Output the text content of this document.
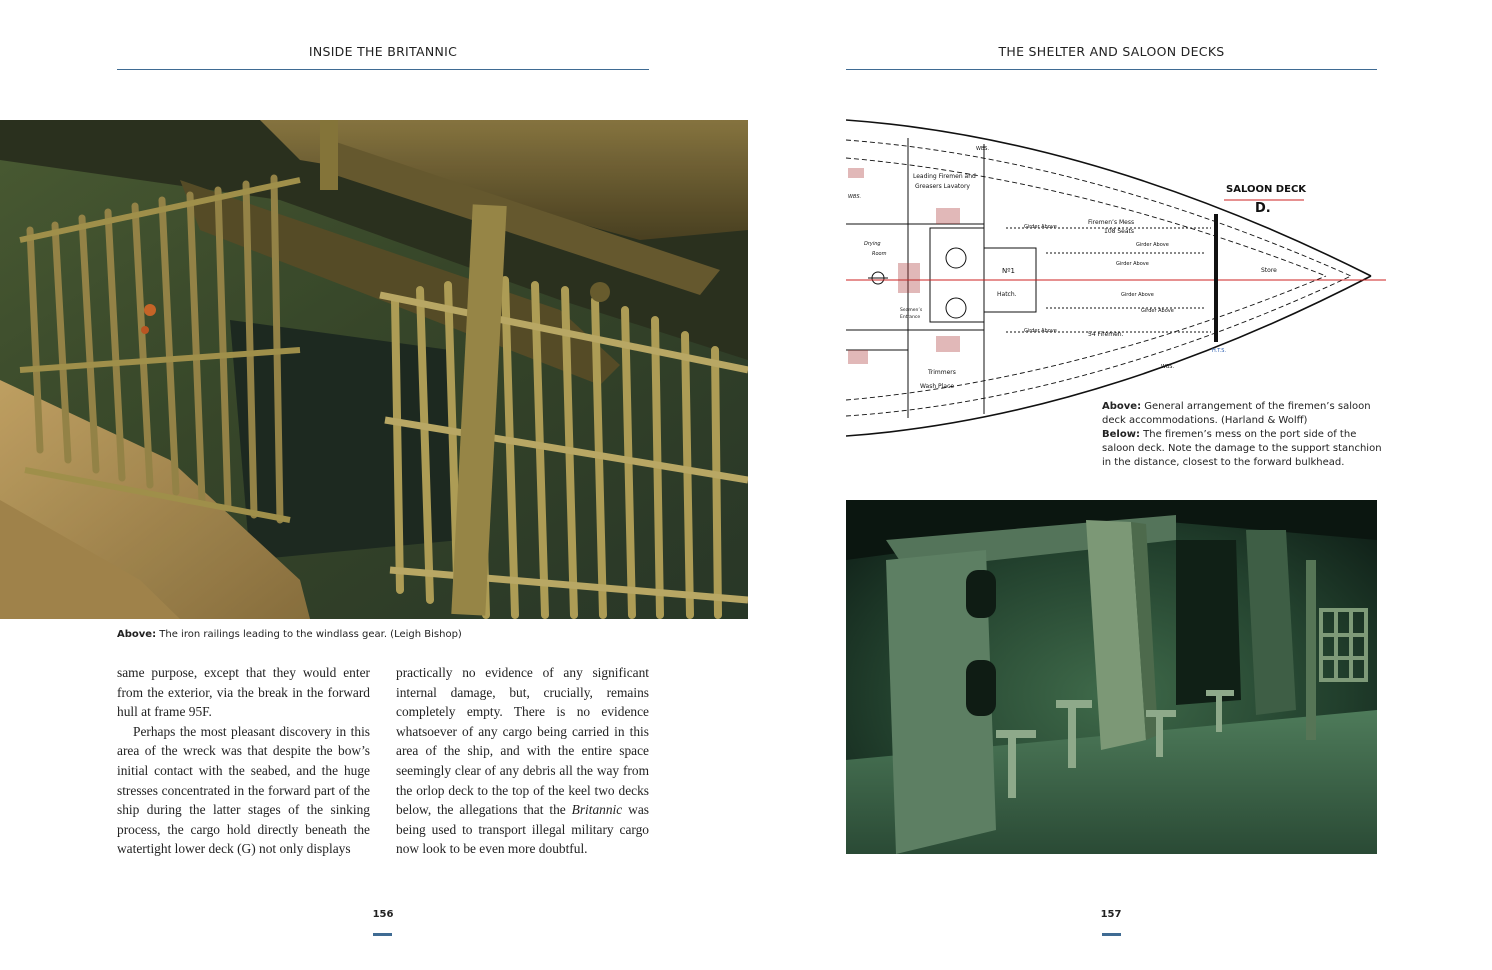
INSIDE THE BRITANNIC
Above: The iron railings leading to the windlass gear. (Leigh Bishop)

same purpose, except that they would enter from the exterior, via the break in the forward hull at frame 95F.

Perhaps the most pleasant discovery in this area of the wreck was that despite the bow’s initial contact with the seabed, and the huge stresses concentrated in the forward part of the ship during the latter stages of the sinking process, the cargo hold directly beneath the watertight lower deck (G) not only displays

practically no evidence of any significant internal damage, but, crucially, remains completely empty. There is no evidence whatsoever of any cargo being carried in this area of the ship, and with the entire space seemingly clear of any debris all the way from the orlop deck to the top of the keel two decks below, the allegations that the Britannic was being used to transport illegal military cargo now look to be even more doubtful.

156
THE SHELTER AND SALOON DECKS
SALOON DECK
D.
Leading Firemen and
Greasers Lavatory
Firemen’s Mess
108 Seats
Nº1
Hatch.
54 Firemen.
Trimmers
Wash Place
Store
Drying
Room
Seamen’s
Entrance
Girder Above
Girder Above
Girder Above
Girder Above
Girder Above
Girder Above
WBS.
WBS.
WBS.
H.T.S.
Above: General arrangement of the firemen’s saloon deck accommodations. (Harland & Wolff)
Below: The firemen’s mess on the port side of the saloon deck. Note the damage to the support stanchion in the distance, closest to the forward bulkhead.
157
